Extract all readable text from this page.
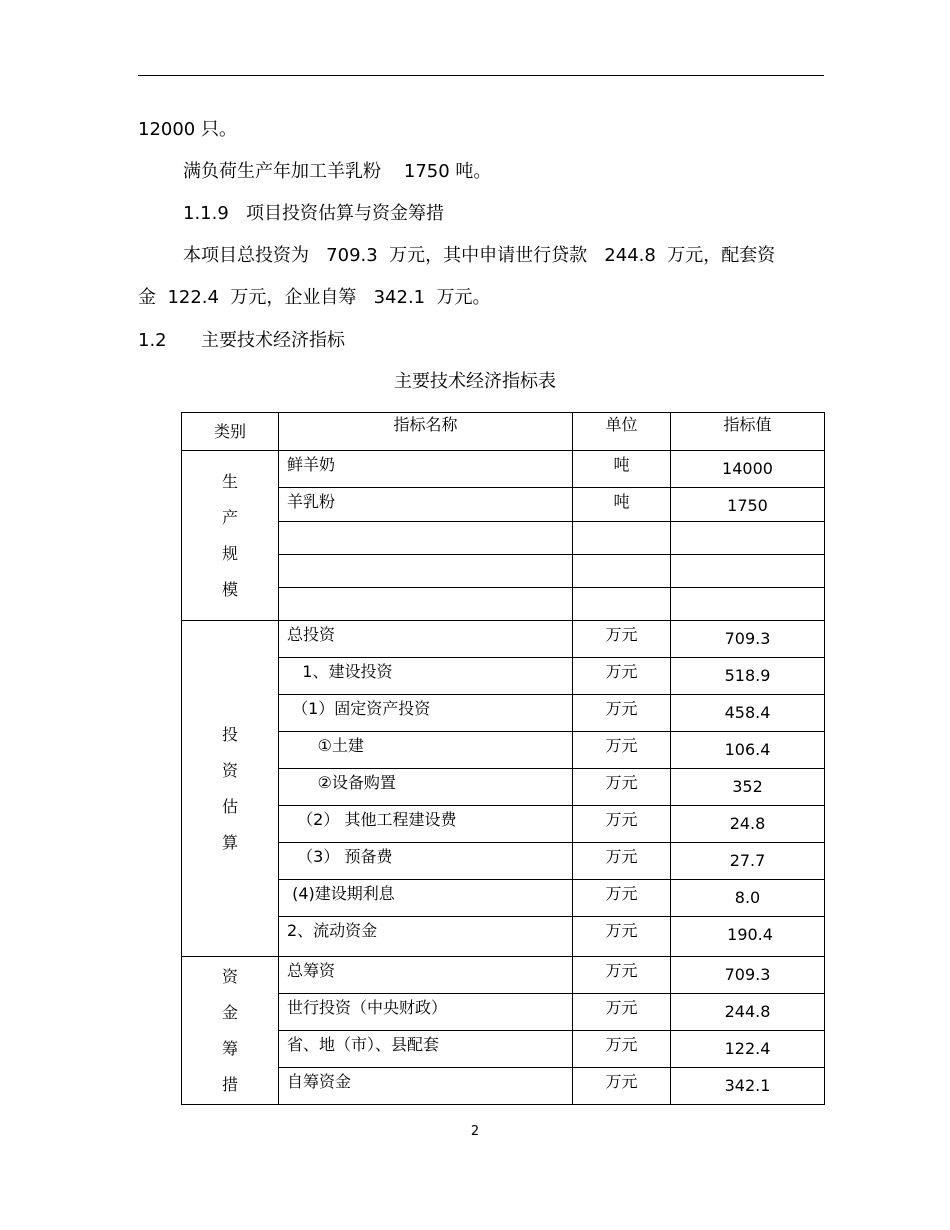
12000 只。
满负荷生产年加工羊乳粉    1750 吨。
1.1.9   项目投资估算与资金筹措
本项目总投资为   709.3  万元，其中申请世行贷款   244.8  万元，配套资
金  122.4  万元，企业自筹   342.1  万元。
1.2      主要技术经济指标
主要技术经济指标表
类别	指标名称	单位	指标值
生
产
规
模	鲜羊奶	吨	14000

	羊乳粉	吨	1750

投
资
估
算	总投资	万元	709.3

	1、建设投资	万元	518.9

	（1）固定资产投资	万元	458.4

	①土建	万元	106.4

	②设备购置	万元	352

	（2） 其他工程建设费	万元	24.8

	（3） 预备费	万元	27.7

	(4)建设期利息	万元	8.0

	2、流动资金	万元	190.4

资
金
筹
措	总筹资	万元	709.3

	世行投资（中央财政）	万元	244.8

	省、地（市）、县配套	万元	122.4

	自筹资金	万元	342.1
2
